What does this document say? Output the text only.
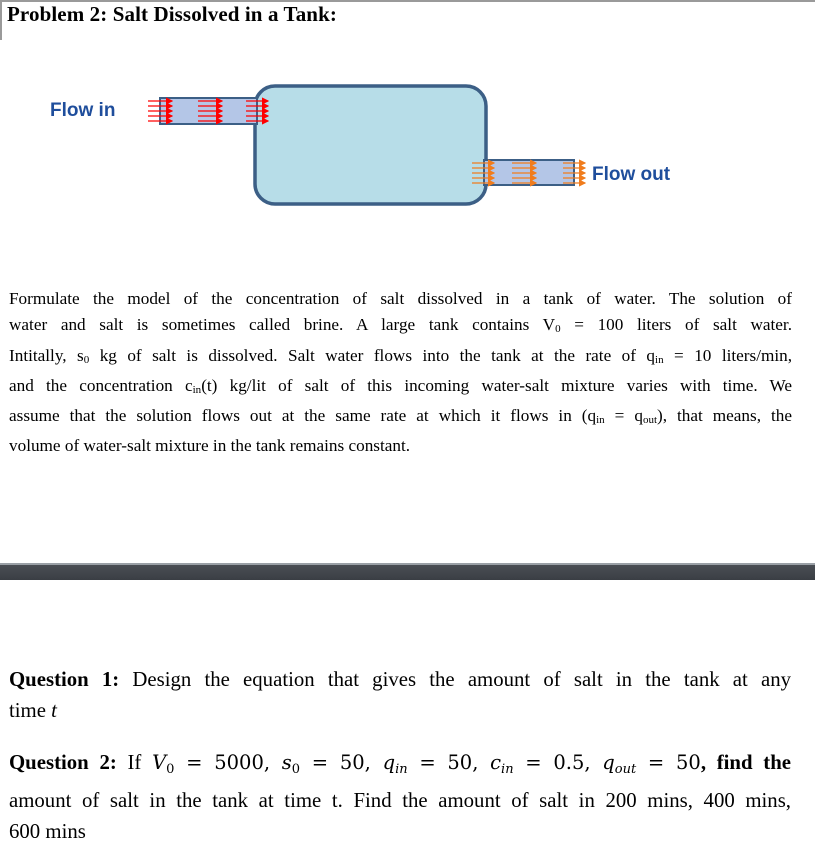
Problem 2: Salt Dissolved in a Tank:
Flow in
Flow out
Formulate the model of the concentration of salt dissolved in a tank of water. The solution of
water and salt is sometimes called brine. A large tank contains V0 = 100 liters of salt water.
Intitally, s0 kg of salt is dissolved. Salt water flows into the tank at the rate of qin = 10 liters/min,
and the concentration cin(t) kg/lit of salt of this incoming water-salt mixture varies with time. We
assume that the solution flows out at the same rate at which it flows in (qin = qout), that means, the
volume of water-salt mixture in the tank remains constant.
Question 1: Design the equation that gives the amount of salt in the tank at any
time t
Question 2: If $V_0 = 5000$, $s_0 = 50$, $q_{in} = 50$, $c_{in} = 0.5$, $q_{out} = 50$, find the
amount of salt in the tank at time t. Find the amount of salt in 200 mins, 400 mins,
600 mins
